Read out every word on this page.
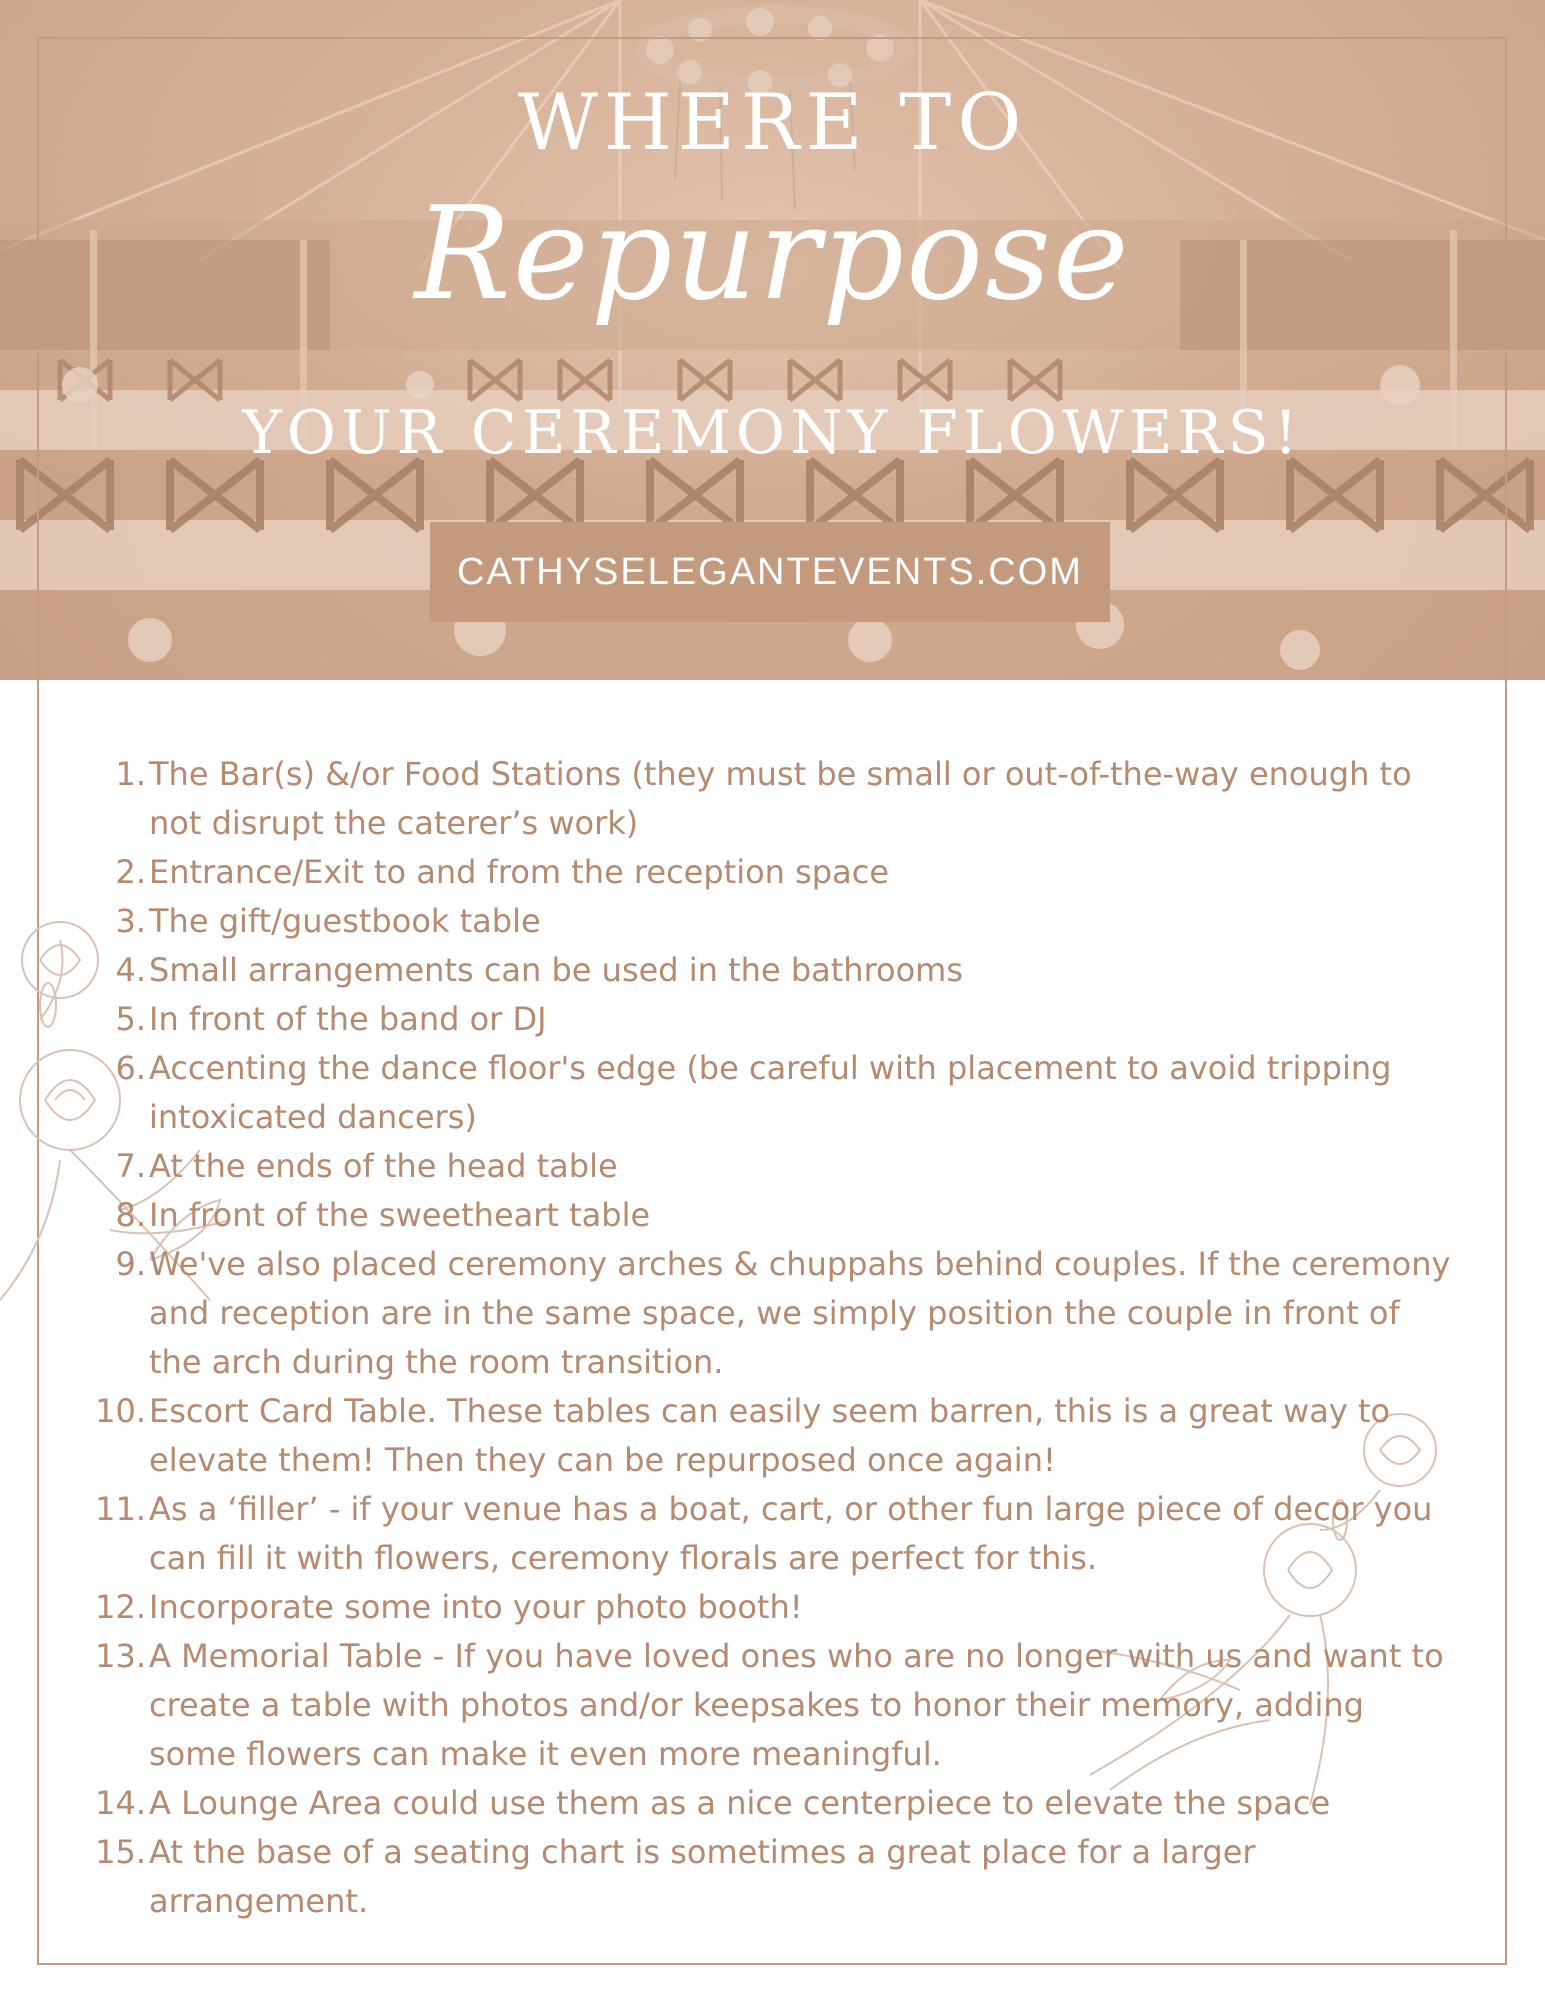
WHERE TO
Repurpose
YOUR CEREMONY FLOWERS!
CATHYSELEGANTEVENTS.COM
1. The Bar(s) &/or Food Stations (they must be small or out-of-the-way enough to not disrupt the caterer’s work)
2. Entrance/Exit to and from the reception space
3. The gift/guestbook table
4. Small arrangements can be used in the bathrooms
5. In front of the band or DJ
6. Accenting the dance floor's edge (be careful with placement to avoid tripping intoxicated dancers)
7. At the ends of the head table
8. In front of the sweetheart table
9. We've also placed ceremony arches & chuppahs behind couples. If the ceremony and reception are in the same space, we simply position the couple in front of the arch during the room transition.
10. Escort Card Table. These tables can easily seem barren, this is a great way to elevate them! Then they can be repurposed once again!
11. As a ‘filler’ - if your venue has a boat, cart, or other fun large piece of decor you can fill it with flowers, ceremony florals are perfect for this.
12. Incorporate some into your photo booth!
13. A Memorial Table - If you have loved ones who are no longer with us and want to create a table with photos and/or keepsakes to honor their memory, adding some flowers can make it even more meaningful.
14. A Lounge Area could use them as a nice centerpiece to elevate the space
15. At the base of a seating chart is sometimes a great place for a larger arrangement.
